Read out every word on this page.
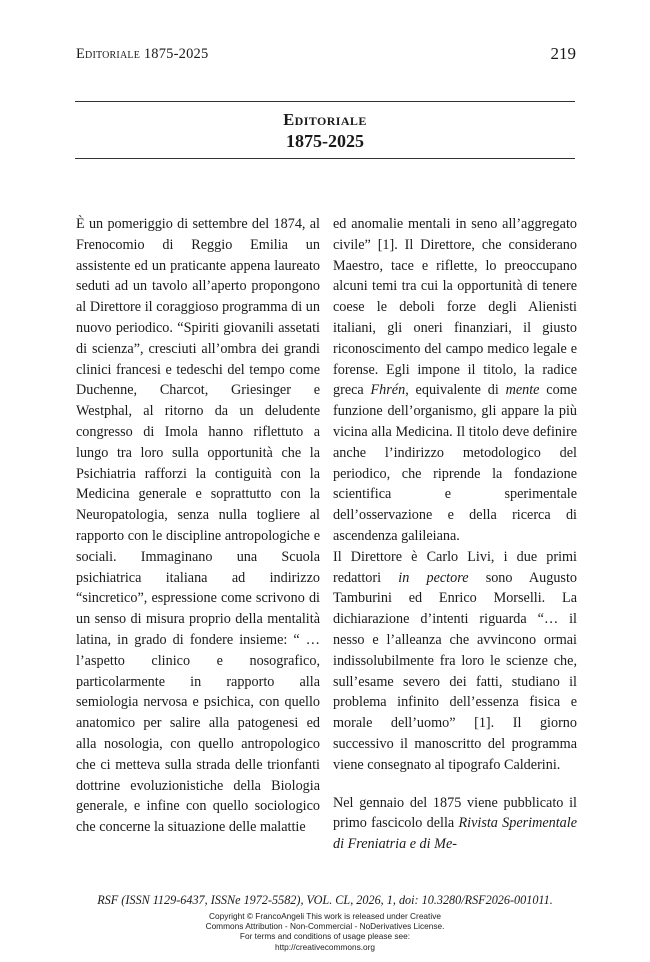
Editoriale 1875-2025	219
Editoriale
1875-2025

È un pomeriggio di settembre del 1874, al Frenocomio di Reggio Emilia un assistente ed un praticante appena laureato seduti ad un tavolo all’aperto propongono al Direttore il coraggioso programma di un nuovo periodico. “Spiriti giovanili assetati di scienza”, cresciuti all’ombra dei grandi clinici francesi e tedeschi del tempo come Duchenne, Charcot, Griesinger e Westphal, al ritorno da un deludente congresso di Imola hanno riflettuto a lungo tra loro sulla opportunità che la Psichiatria rafforzi la contiguità con la Medicina generale e soprattutto con la Neuropatologia, senza nulla togliere al rapporto con le discipline antropologiche e sociali. Immaginano una Scuola psichiatrica italiana ad indirizzo “sincretico”, espressione come scrivono di un senso di misura proprio della mentalità latina, in grado di fondere insieme: “ … l’aspetto clinico e nosografico, particolarmente in rapporto alla semiologia nervosa e psichica, con quello anatomico per salire alla patogenesi ed alla nosologia, con quello antropologico che ci metteva sulla strada delle trionfanti dottrine evoluzionistiche della Biologia generale, e infine con quello sociologico che concerne la situazione delle malattie

ed anomalie mentali in seno all’aggregato civile” [1]. Il Direttore, che considerano Maestro, tace e riflette, lo preoccupano alcuni temi tra cui la opportunità di tenere coese le deboli forze degli Alienisti italiani, gli oneri finanziari, il giusto riconoscimento del campo medico legale e forense. Egli impone il titolo, la radice greca Fhrén, equivalente di mente come funzione dell’organismo, gli appare la più vicina alla Medicina. Il titolo deve definire anche l’indirizzo metodologico del periodico, che riprende la fondazione scientifica e sperimentale dell’osservazione e della ricerca di ascendenza galileiana.

Il Direttore è Carlo Livi, i due primi redattori in pectore sono Augusto Tamburini ed Enrico Morselli. La dichiarazione d’intenti riguarda “… il nesso e l’alleanza che avvincono ormai indissolubilmente fra loro le scienze che, sull’esame severo dei fatti, studiano il problema infinito dell’essenza fisica e morale dell’uomo” [1]. Il giorno successivo il manoscritto del programma viene consegnato al tipografo Calderini.

Nel gennaio del 1875 viene pubblicato il primo fascicolo della Rivista Sperimentale di Freniatria e di Me-

RSF (ISSN 1129-6437, ISSNe 1972-5582), VOL. CL, 2026, 1, doi: 10.3280/RSF2026-001011.
Copyright © FrancoAngeli This work is released under Creative
Commons Attribution - Non-Commercial - NoDerivatives License.
For terms and conditions of usage please see:
http://creativecommons.org
